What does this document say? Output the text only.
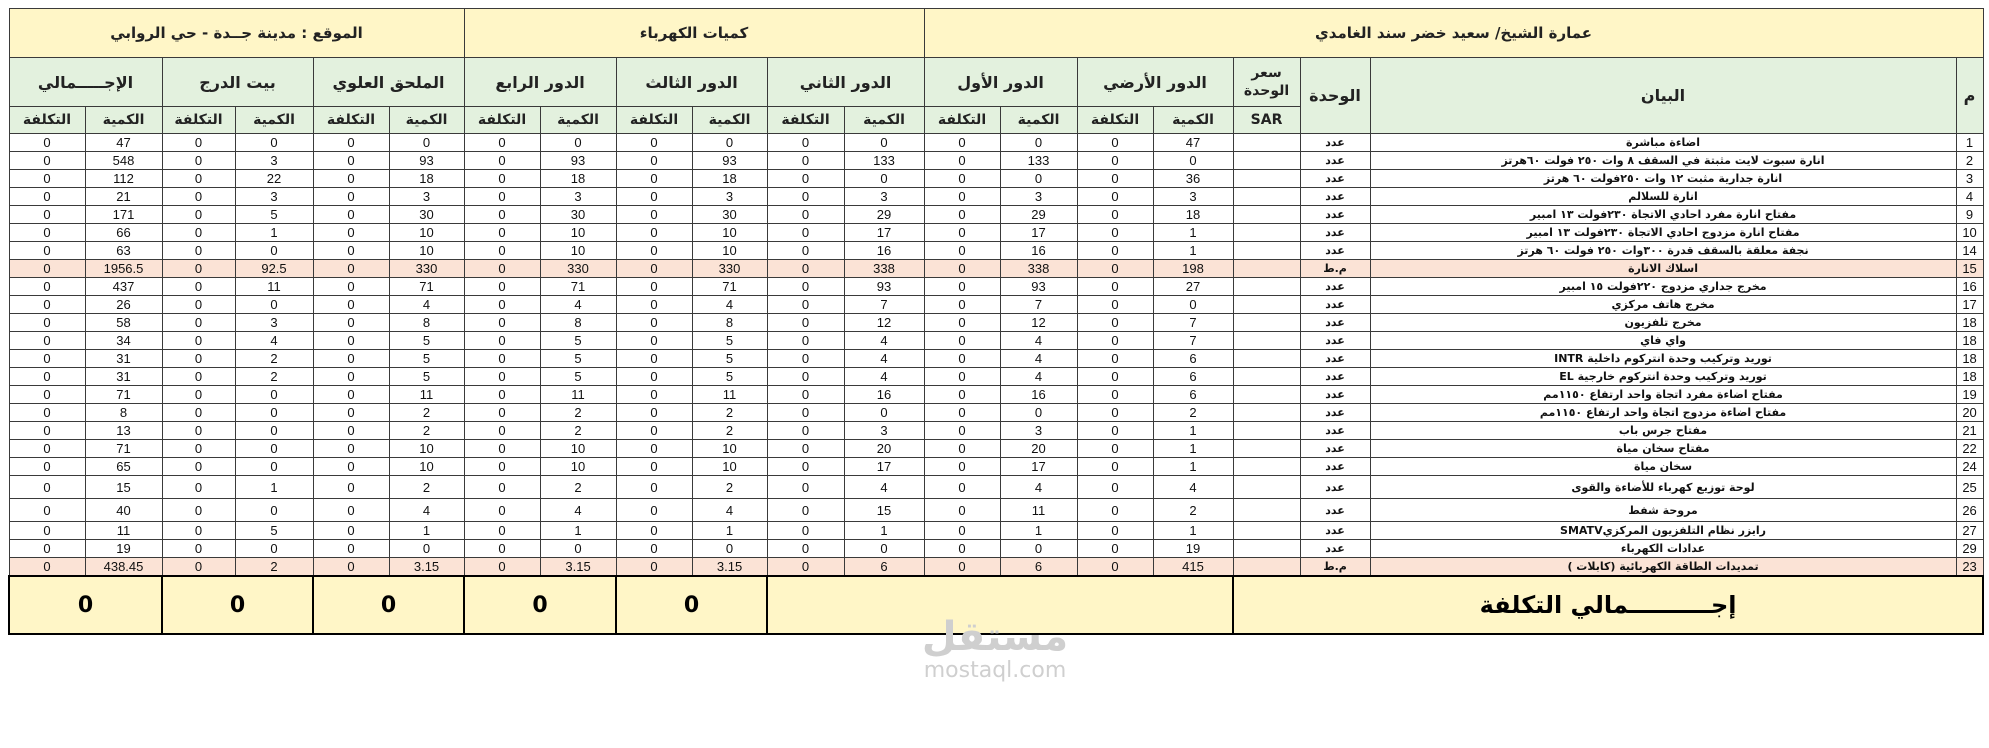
الموقع : مدينة جــدة - حي الروابي						كميات الكهرباء						عمارة الشيخ/ سعيد خضر سند الغامدي							
الإجـــــمالي		بيت الدرج		الملحق العلوي		الدور الرابع		الدور الثالث		الدور الثاني		الدور الأول		الدور الأرضي		سعر الوحدة	الوحدة	البيان	م
التكلفة	الكمية	التكلفة	الكمية	التكلفة	الكمية	التكلفة	الكمية	التكلفة	الكمية	التكلفة	الكمية	التكلفة	الكمية	التكلفة	الكمية	SAR			
0	47	0	0	0	0	0	0	0	0	0	0	0	0	0	47		عدد	اضاءة مباشرة	1
0	548	0	3	0	93	0	93	0	93	0	133	0	133	0	0		عدد	انارة سبوت لايت مثبتة في السقف ٨ وات ٢٥٠ فولت ٦٠هرتز	2
0	112	0	22	0	18	0	18	0	18	0	0	0	0	0	36		عدد	انارة جدارية مثبت ١٢ وات ٢٥٠فولت ٦٠ هرتز	3
0	21	0	3	0	3	0	3	0	3	0	3	0	3	0	3		عدد	انارة للسلالم	4
0	171	0	5	0	30	0	30	0	30	0	29	0	29	0	18		عدد	مفتاح انارة مفرد احادي الاتجاة ٢٣٠فولت ١٣ امبير	9
0	66	0	1	0	10	0	10	0	10	0	17	0	17	0	1		عدد	مفتاح انارة مزدوج احادي الاتجاة ٢٣٠فولت ١٣ امبير	10
0	63	0	0	0	10	0	10	0	10	0	16	0	16	0	1		عدد	نجفة معلقة بالسقف قدرة ٣٠٠وات ٢٥٠ فولت ٦٠ هرتز	14
0	1956.5	0	92.5	0	330	0	330	0	330	0	338	0	338	0	198		م.ط	اسلاك الانارة	15
0	437	0	11	0	71	0	71	0	71	0	93	0	93	0	27		عدد	مخرج جداري مزدوج ٢٢٠فولت ١٥ امبير	16
0	26	0	0	0	4	0	4	0	4	0	7	0	7	0	0		عدد	مخرج هاتف مركزي	17
0	58	0	3	0	8	0	8	0	8	0	12	0	12	0	7		عدد	مخرج تلفزيون	18
0	34	0	4	0	5	0	5	0	5	0	4	0	4	0	7		عدد	واي فاي	18
0	31	0	2	0	5	0	5	0	5	0	4	0	4	0	6		عدد	توريد وتركيب وحدة انتركوم داخلية INTR	18
0	31	0	2	0	5	0	5	0	5	0	4	0	4	0	6		عدد	توريد وتركيب وحدة انتركوم خارجية EL	18
0	71	0	0	0	11	0	11	0	11	0	16	0	16	0	6		عدد	مفتاح اضاءة مفرد اتجاة واحد ارتفاع ١١٥٠مم	19
0	8	0	0	0	2	0	2	0	2	0	0	0	0	0	2		عدد	مفتاح اضاءة مزدوج اتجاة واحد ارتفاع ١١٥٠مم	20
0	13	0	0	0	2	0	2	0	2	0	3	0	3	0	1		عدد	مفتاح جرس باب	21
0	71	0	0	0	10	0	10	0	10	0	20	0	20	0	1		عدد	مفتاح سخان مياة	22
0	65	0	0	0	10	0	10	0	10	0	17	0	17	0	1		عدد	سخان مياة	24
0	15	0	1	0	2	0	2	0	2	0	4	0	4	0	4		عدد	لوحة توزيع كهرباء للأضاءة والقوى	25
0	40	0	0	0	4	0	4	0	4	0	15	0	11	0	2		عدد	مروحة شفط	26
0	11	0	5	0	1	0	1	0	1	0	1	0	1	0	1		عدد	رايزر نظام التلفزيون المركزيSMATV	27
0	19	0	0	0	0	0	0	0	0	0	0	0	0	0	19		عدد	عدادات الكهرباء	29
0	438.45	0	2	0	3.15	0	3.15	0	3.15	0	6	0	6	0	415		م.ط	تمديدات الطاقة الكهربائية (كابلات )	23
0		0		0		0		0								إجــــــــــمالي التكلفة			
مستقل
mostaql.com
